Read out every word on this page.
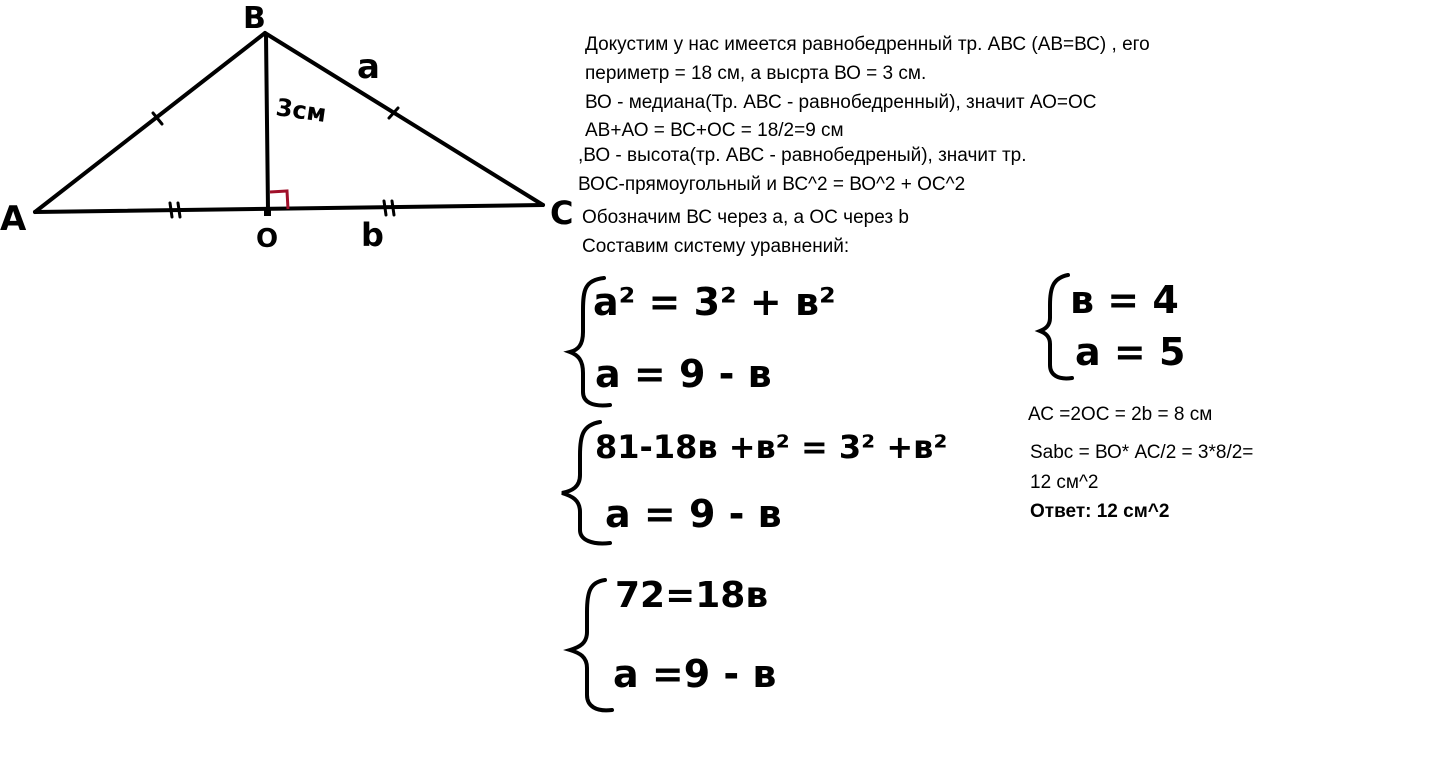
A
B
C
O
a
b
3см
Докустим у нас имеется равнобедренный тр. АВС (АВ=ВС) , его
периметр = 18 см, а выcрта ВО = 3 см.
ВО - медиана(Тр. АВС - равнобедренный), значит АО=ОС
АВ+АО = ВС+ОС = 18/2=9 см
,ВО - высота(тр. АВС - равнобедреный), значит тр.
ВОС-прямоугольный и ВС^2 = ВО^2 + ОС^2
Обозначим ВС через а, а ОС через b
Составим систему уравнений:
a² = 3² + в²
a = 9 - в
81-18в +в² = 3² +в²
a = 9 - в
72=18в
a =9 - в
в = 4
a = 5
АС =2ОС = 2b = 8 см
Sabc = ВО* АС/2 = 3*8/2=
12 см^2
Ответ: 12 см^2
